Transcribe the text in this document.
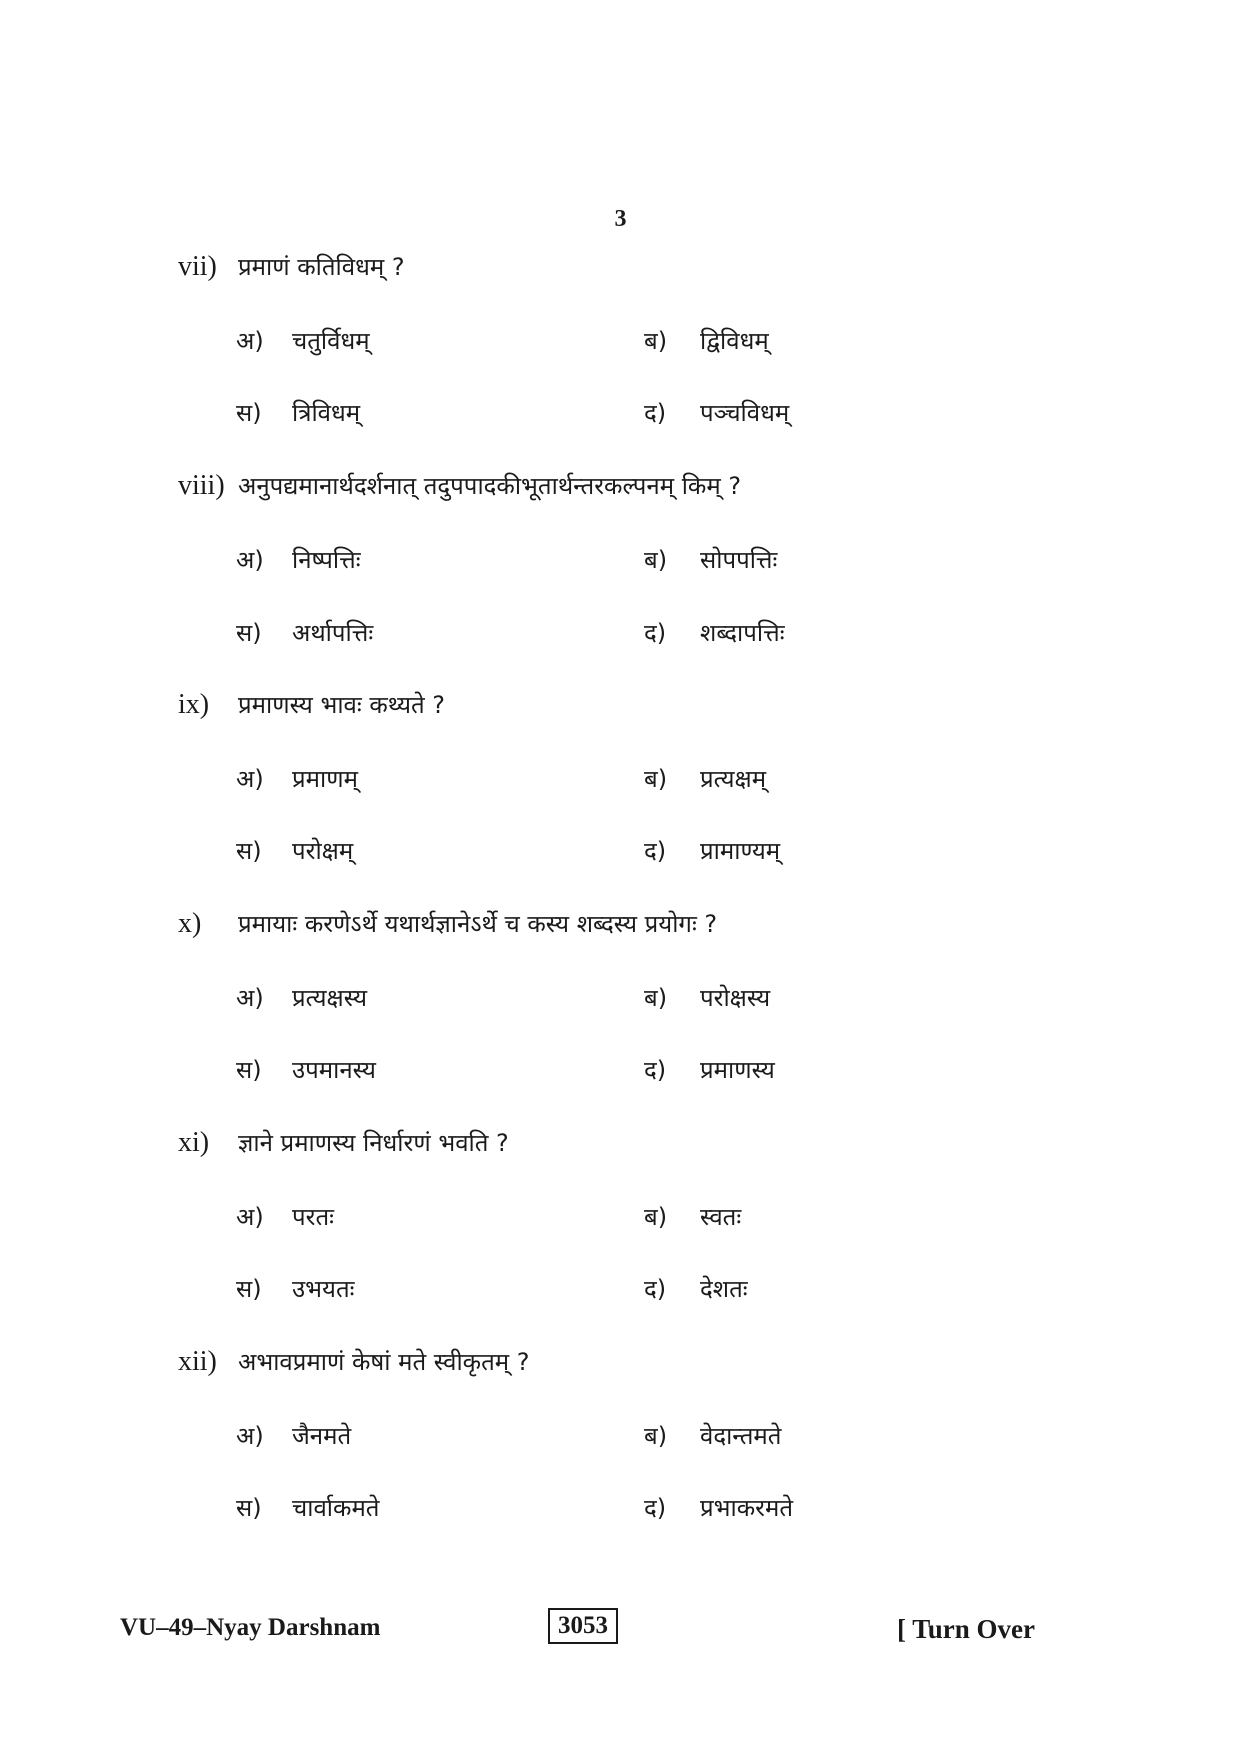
3
vii) प्रमाणं कतिविधम् ?
अ) चतुर्विधम्	ब) द्विविधम्
स) त्रिविधम्	द) पञ्चविधम्
viii) अनुपद्यमानार्थदर्शनात् तदुपपादकीभूतार्थन्तरकल्पनम् किम् ?
अ) निष्पत्तिः	ब) सोपपत्तिः
स) अर्थापत्तिः	द) शब्दापत्तिः
ix) प्रमाणस्य भावः कथ्यते ?
अ) प्रमाणम्	ब) प्रत्यक्षम्
स) परोक्षम्	द) प्रामाण्यम्
x) प्रमायाः करणेऽर्थे यथार्थज्ञानेऽर्थे च कस्य शब्दस्य प्रयोगः ?
अ) प्रत्यक्षस्य	ब) परोक्षस्य
स) उपमानस्य	द) प्रमाणस्य
xi) ज्ञाने प्रमाणस्य निर्धारणं भवति ?
अ) परतः	ब) स्वतः
स) उभयतः	द) देशतः
xii) अभावप्रमाणं केषां मते स्वीकृतम् ?
अ) जैनमते	ब) वेदान्तमते
स) चार्वाकमते	द) प्रभाकरमते
VU–49–Nyay Darshnam	3053	[ Turn Over
